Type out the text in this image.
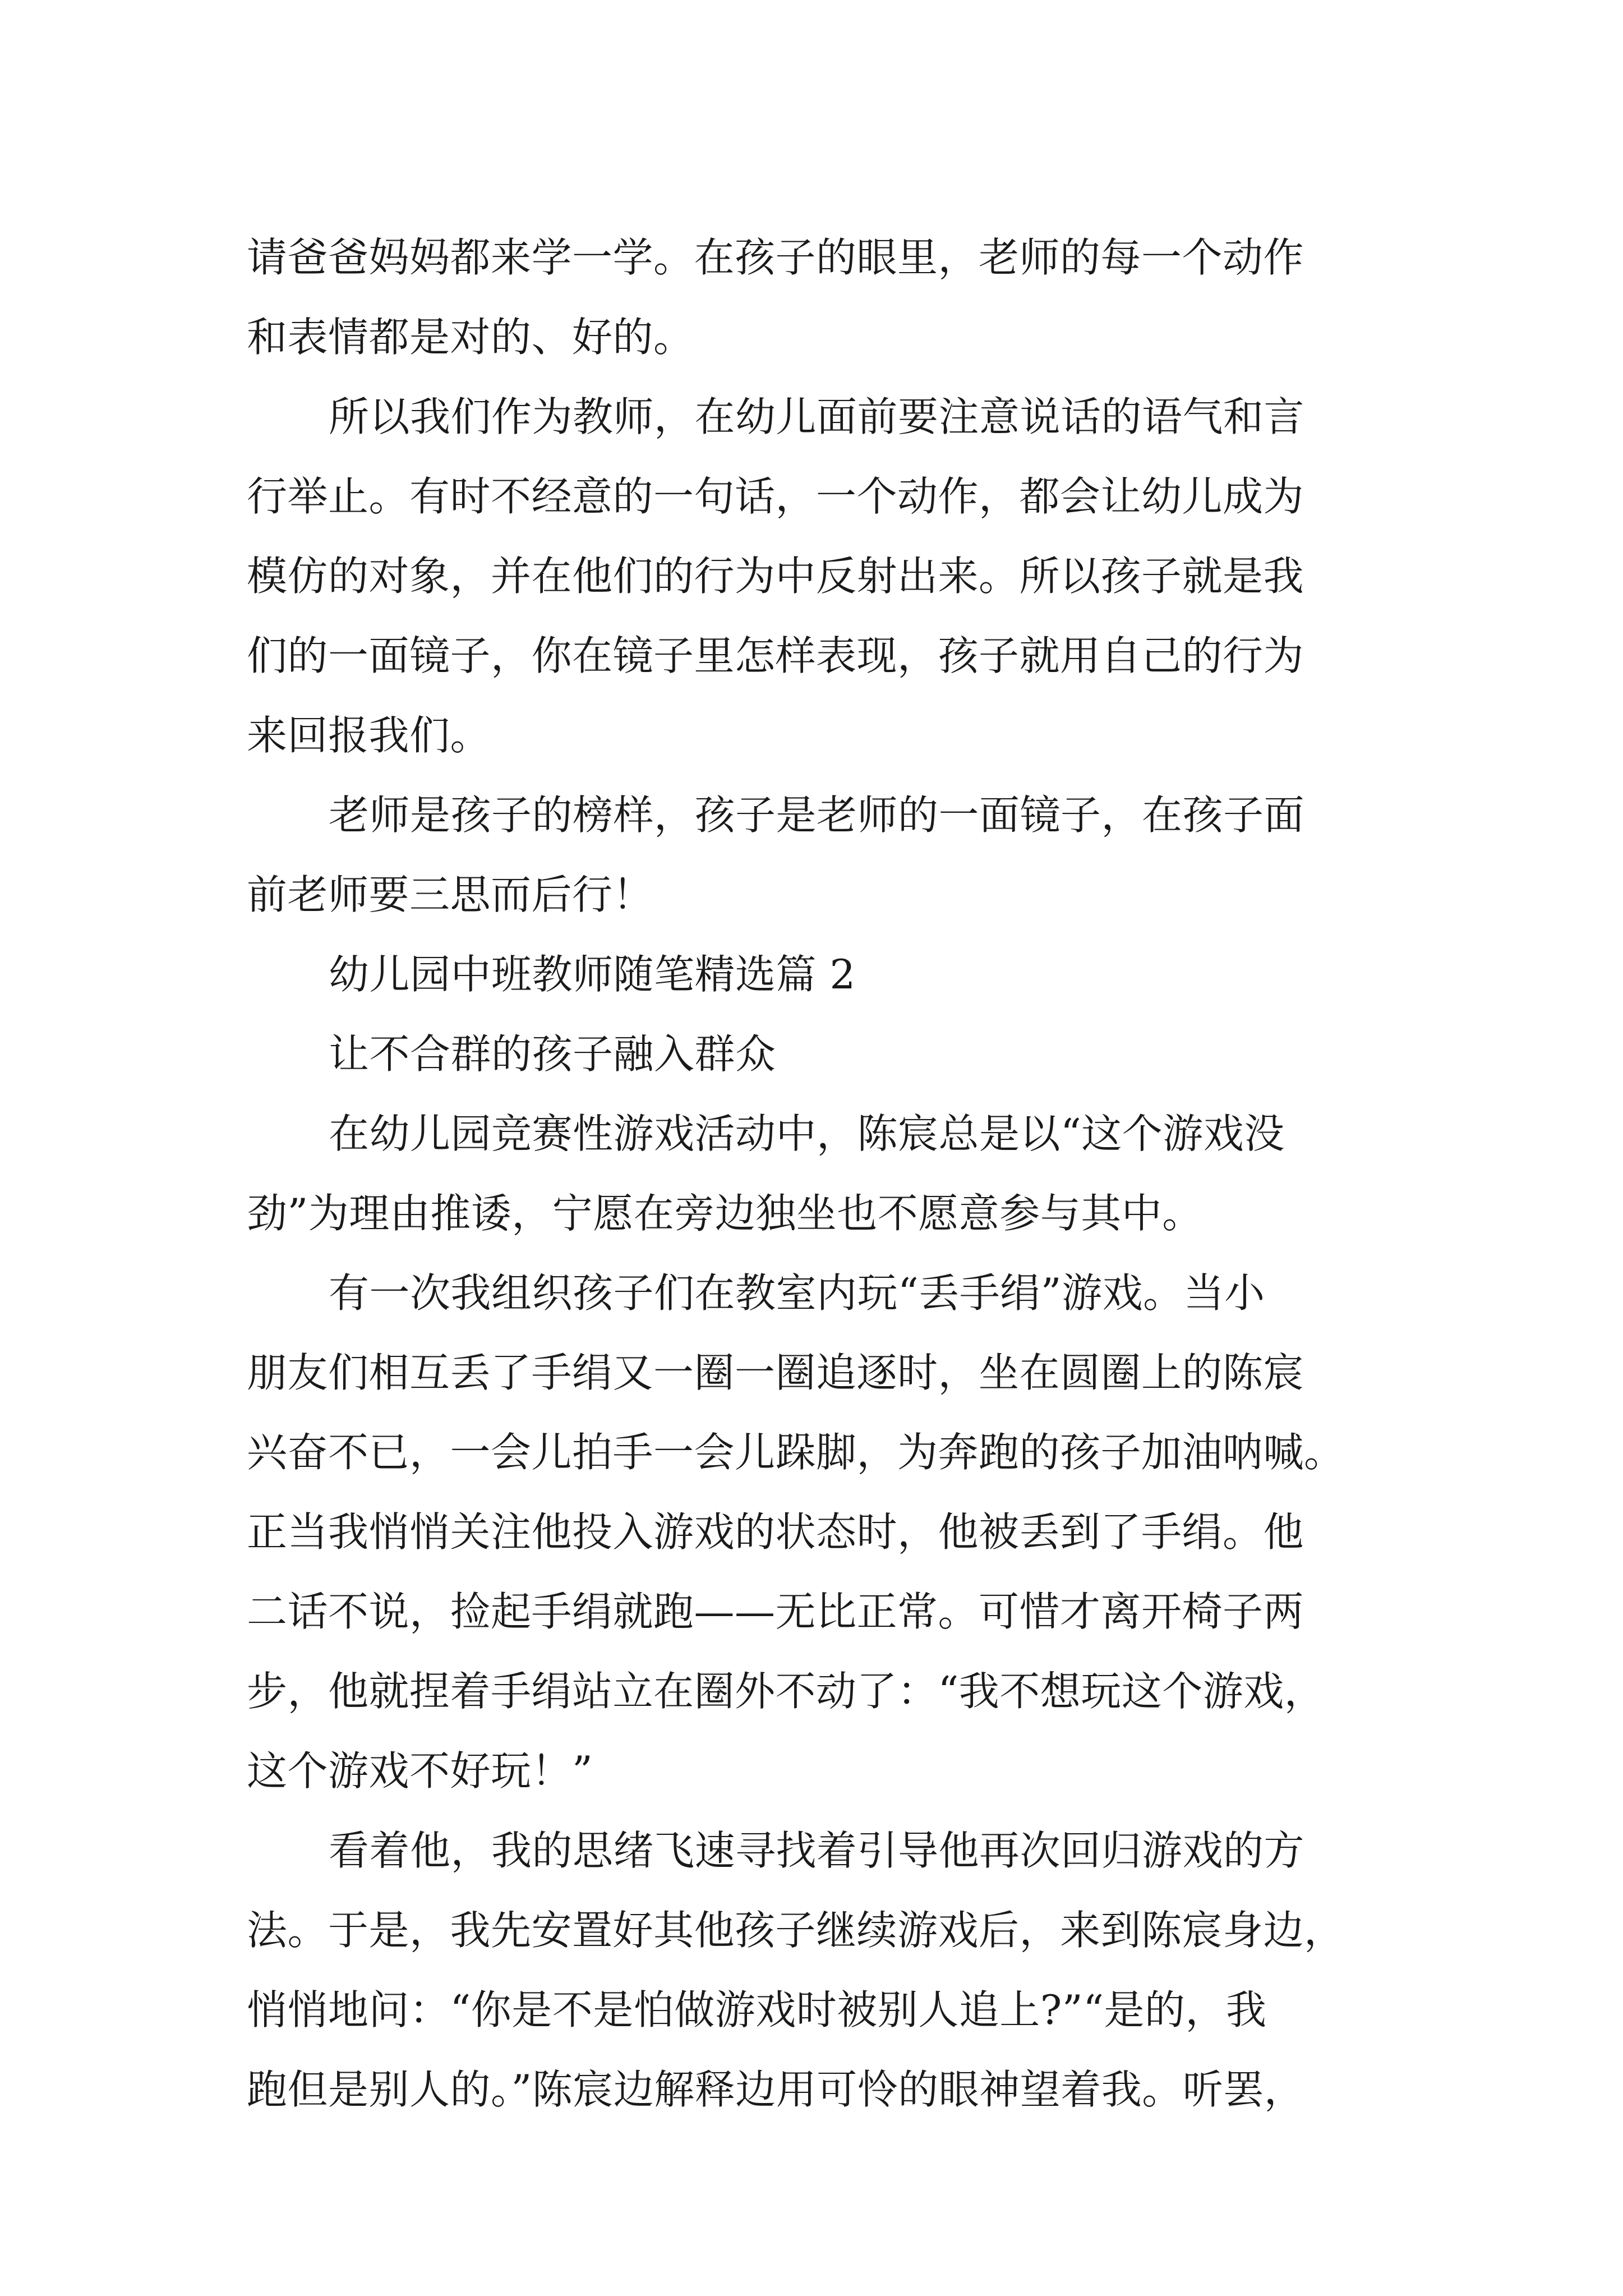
请爸爸妈妈都来学一学。在孩子的眼里，老师的每一个动作
和表情都是对的、好的。
所以我们作为教师，在幼儿面前要注意说话的语气和言
行举止。有时不经意的一句话，一个动作，都会让幼儿成为
模仿的对象，并在他们的行为中反射出来。所以孩子就是我
们的一面镜子，你在镜子里怎样表现，孩子就用自己的行为
来回报我们。
老师是孩子的榜样，孩子是老师的一面镜子，在孩子面
前老师要三思而后行！
幼儿园中班教师随笔精选篇 2
让不合群的孩子融入群众
在幼儿园竞赛性游戏活动中，陈宸总是以“这个游戏没
劲”为理由推诿，宁愿在旁边独坐也不愿意参与其中。
有一次我组织孩子们在教室内玩“丢手绢”游戏。当小
朋友们相互丢了手绢又一圈一圈追逐时，坐在圆圈上的陈宸
兴奋不已，一会儿拍手一会儿跺脚，为奔跑的孩子加油呐喊。
正当我悄悄关注他投入游戏的状态时，他被丢到了手绢。他
二话不说，捡起手绢就跑——无比正常。可惜才离开椅子两
步，他就捏着手绢站立在圈外不动了：“我不想玩这个游戏，
这个游戏不好玩！”
看着他，我的思绪飞速寻找着引导他再次回归游戏的方
法。于是，我先安置好其他孩子继续游戏后，来到陈宸身边，
悄悄地问：“你是不是怕做游戏时被别人追上?”“是的，我
跑但是别人的。”陈宸边解释边用可怜的眼神望着我。听罢，
